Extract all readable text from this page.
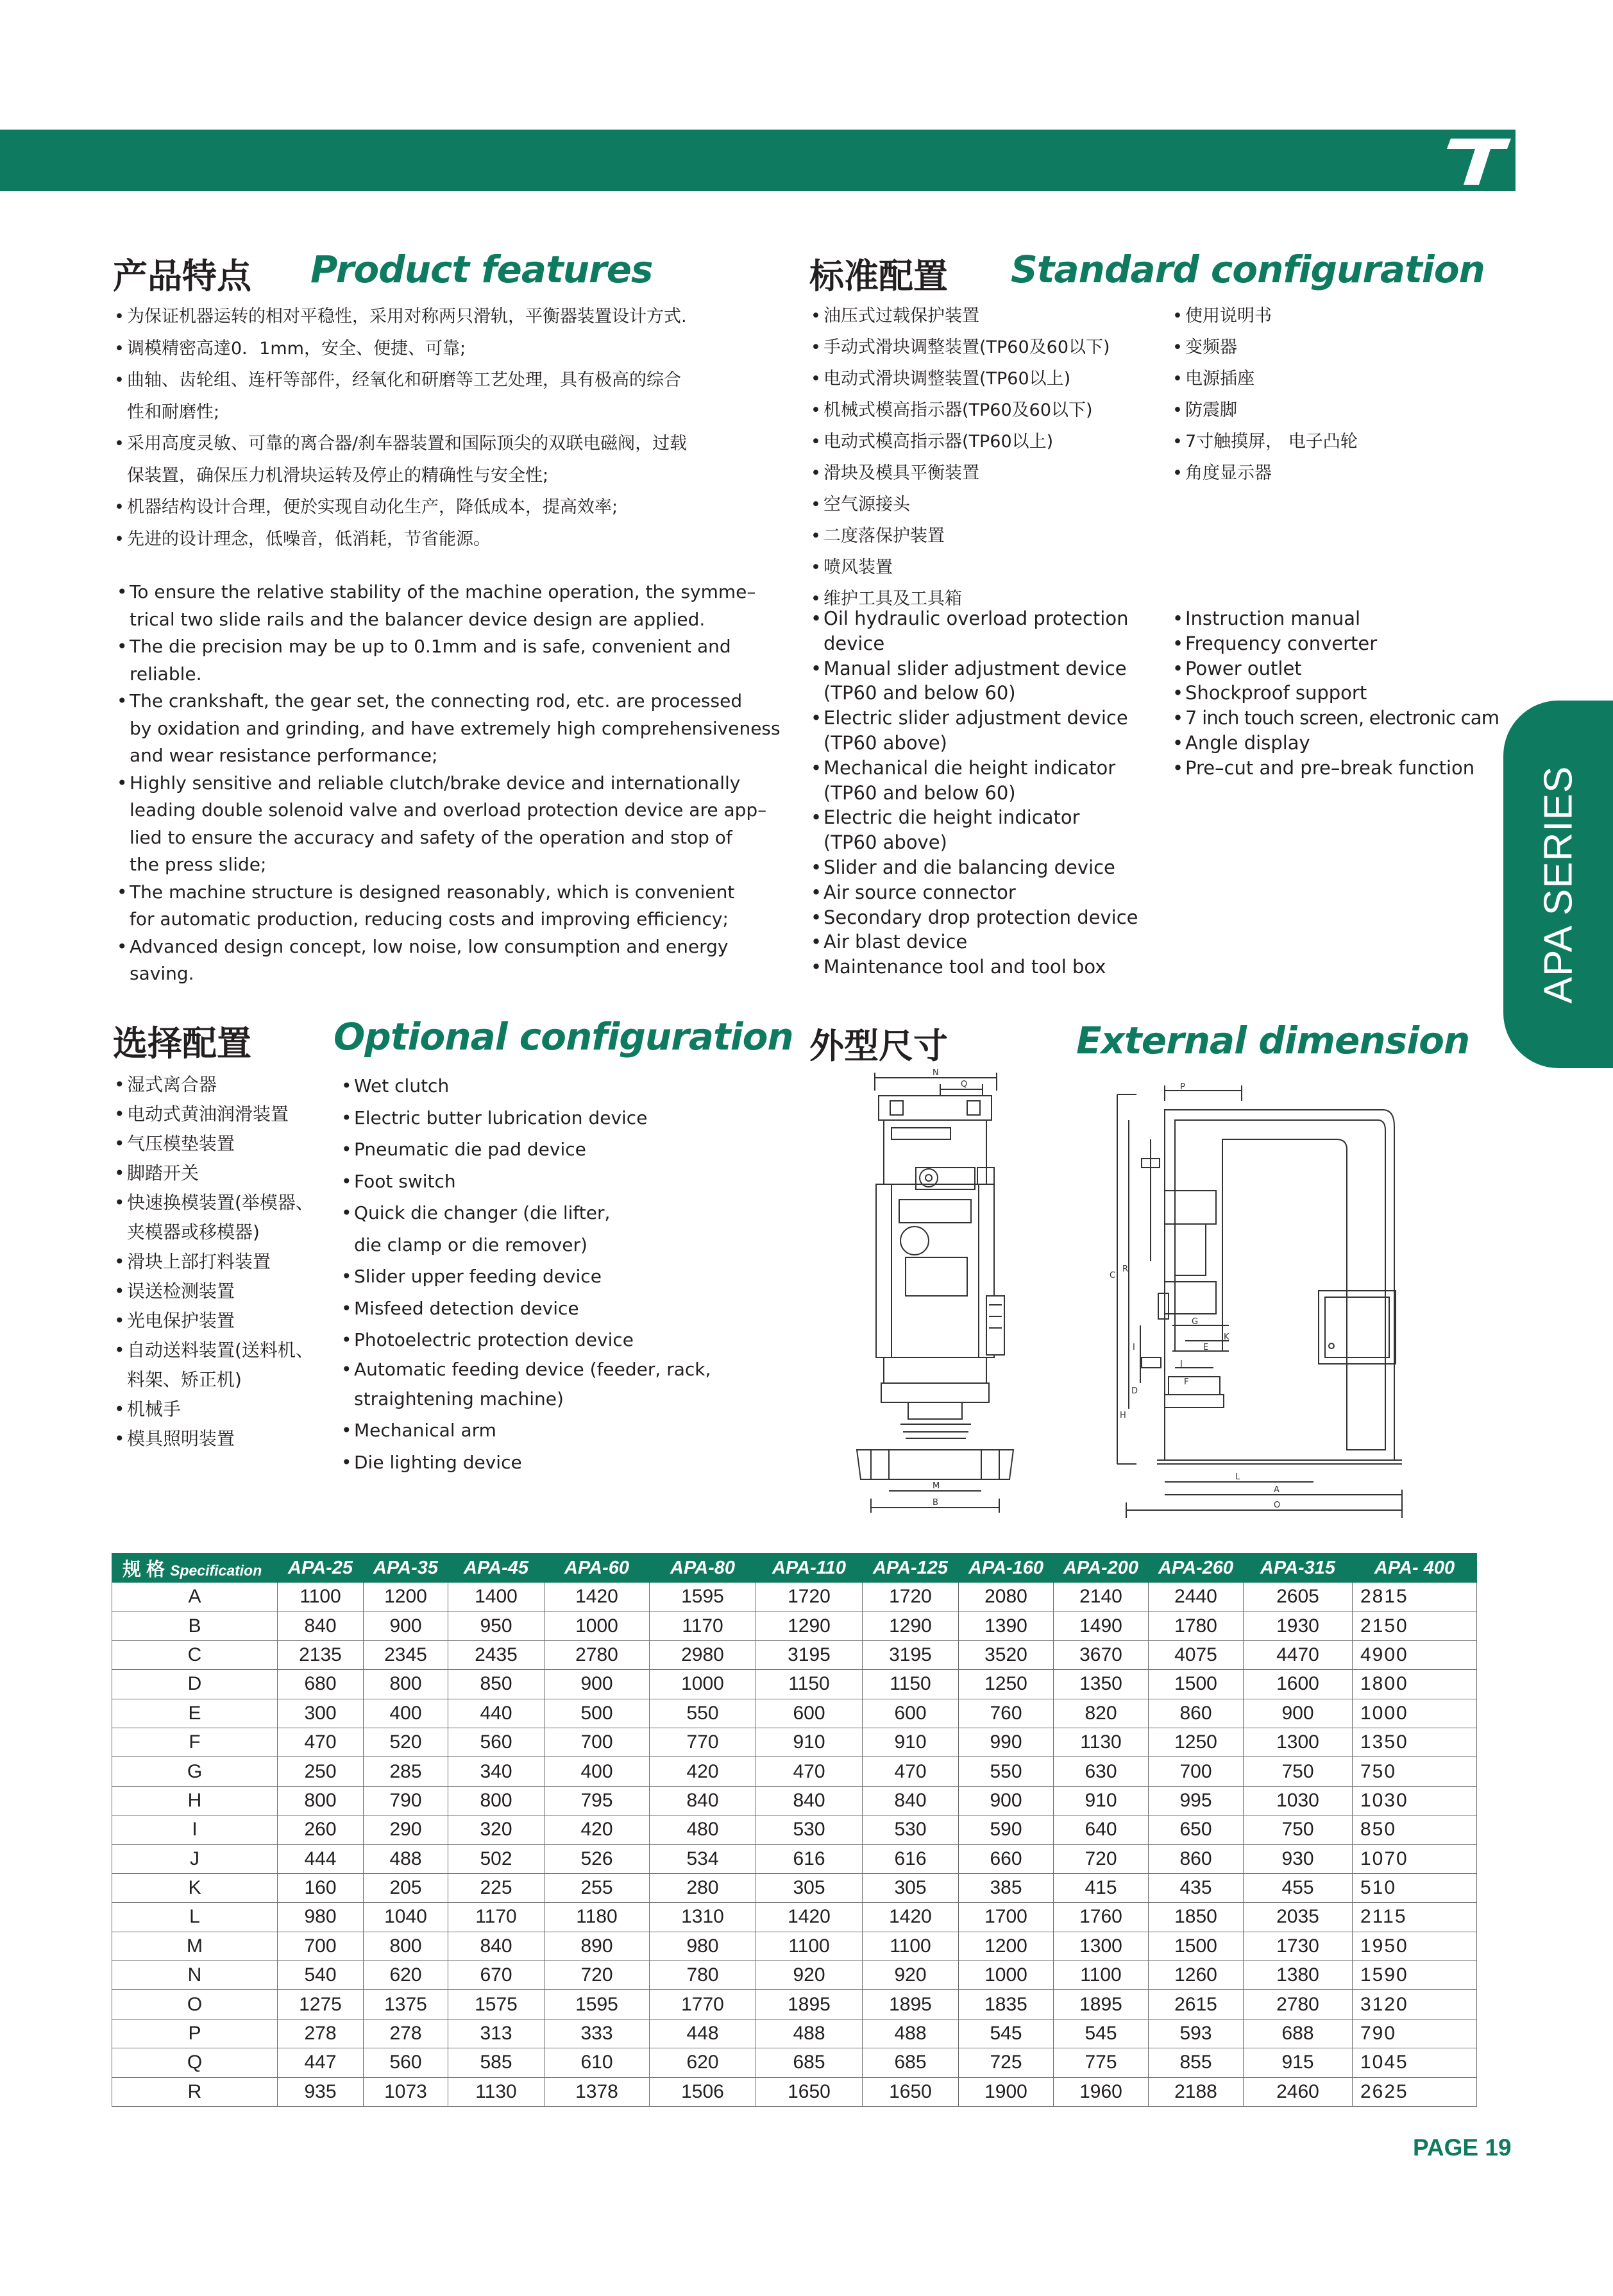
产品特点 Product features
• 为保证机器运转的相对平稳性，采用对称两只滑轨，平衡器装置设计方式.
• 调模精密高達0．1mm，安全、便捷、可靠;
• 曲轴、齿轮组、连杆等部件，经氧化和研磨等工艺处理，具有极高的综合
性和耐磨性;
• 采用高度灵敏、可靠的离合器/刹车器装置和国际顶尖的双联电磁阀，过载
保装置，确保压力机滑块运转及停止的精确性与安全性;
• 机器结构设计合理，便於实现自动化生产，降低成本，提高效率;
• 先进的设计理念，低噪音，低消耗，节省能源。
• To ensure the relative stability of the machine operation, the symme–
trical two slide rails and the balancer device design are applied.
• The die precision may be up to 0.1mm and is safe, convenient and
reliable.
• The crankshaft, the gear set, the connecting rod, etc. are processed
by oxidation and grinding, and have extremely high comprehensiveness
and wear resistance performance;
• Highly sensitive and reliable clutch/brake device and internationally
leading double solenoid valve and overload protection device are app–
lied to ensure the accuracy and safety of the operation and stop of
the press slide;
• The machine structure is designed reasonably, which is convenient
for automatic production, reducing costs and improving efficiency;
• Advanced design concept, low noise, low consumption and energy
saving.
标准配置 Standard configuration
• 油压式过载保护装置
• 手动式滑块调整装置(TP60及60以下)
• 电动式滑块调整装置(TP60以上)
• 机械式模高指示器(TP60及60以下)
• 电动式模高指示器(TP60以上)
• 滑块及模具平衡装置
• 空气源接头
• 二度落保护装置
• 喷风装置
• 维护工具及工具箱
• 使用说明书
• 变频器
• 电源插座
• 防震脚
• 7寸触摸屏， 电子凸轮
• 角度显示器
• Oil hydraulic overload protection
device
• Manual slider adjustment device
(TP60 and below 60)
• Electric slider adjustment device
(TP60 above)
• Mechanical die height indicator
(TP60 and below 60)
• Electric die height indicator
(TP60 above)
• Slider and die balancing device
• Air source connector
• Secondary drop protection device
• Air blast device
• Maintenance tool and tool box
• Instruction manual
• Frequency converter
• Power outlet
• Shockproof support
• 7 inch touch screen, electronic cam
• Angle display
• Pre–cut and pre–break function	APA SERIES
选择配置 Optional configuration
• 湿式离合器
• 电动式黄油润滑装置
• 气压模垫装置
• 脚踏开关
• 快速换模装置(举模器、
夹模器或移模器)
• 滑块上部打料装置
• 误送检测装置
• 光电保护装置
• 自动送料装置(送料机、
料架、矫正机)
• 机械手
• 模具照明装置
• Wet clutch
• Electric butter lubrication device
• Pneumatic die pad device
• Foot switch
• Quick die changer (die lifter,
die clamp or die remover)
• Slider upper feeding device
• Misfeed detection device
• Photoelectric protection device
• Automatic feeding device (feeder, rack,
straightening machine)
• Mechanical arm
• Die lighting device
外型尺寸	External dimension
N
Q
M
B
P
C
R
G
K
E
J
F
I
H
D
L
A
O
规 格 Specification	APA-25	APA-35	APA-45	APA-60	APA-80	APA-110	APA-125	APA-160	APA-200	APA-260	APA-315	APA- 400
A	1100	1200	1400	1420	1595	1720	1720	2080	2140	2440	2605	2815
B	840	900	950	1000	1170	1290	1290	1390	1490	1780	1930	2150
C	2135	2345	2435	2780	2980	3195	3195	3520	3670	4075	4470	4900
D	680	800	850	900	1000	1150	1150	1250	1350	1500	1600	1800
E	300	400	440	500	550	600	600	760	820	860	900	1000
F	470	520	560	700	770	910	910	990	1130	1250	1300	1350
G	250	285	340	400	420	470	470	550	630	700	750	750
H	800	790	800	795	840	840	840	900	910	995	1030	1030
I	260	290	320	420	480	530	530	590	640	650	750	850
J	444	488	502	526	534	616	616	660	720	860	930	1070
K	160	205	225	255	280	305	305	385	415	435	455	510
L	980	1040	1170	1180	1310	1420	1420	1700	1760	1850	2035	2115
M	700	800	840	890	980	1100	1100	1200	1300	1500	1730	1950
N	540	620	670	720	780	920	920	1000	1100	1260	1380	1590
O	1275	1375	1575	1595	1770	1895	1895	1835	1895	2615	2780	3120
P	278	278	313	333	448	488	488	545	545	593	688	790
Q	447	560	585	610	620	685	685	725	775	855	915	1045
R	935	1073	1130	1378	1506	1650	1650	1900	1960	2188	2460	2625
PAGE 19
